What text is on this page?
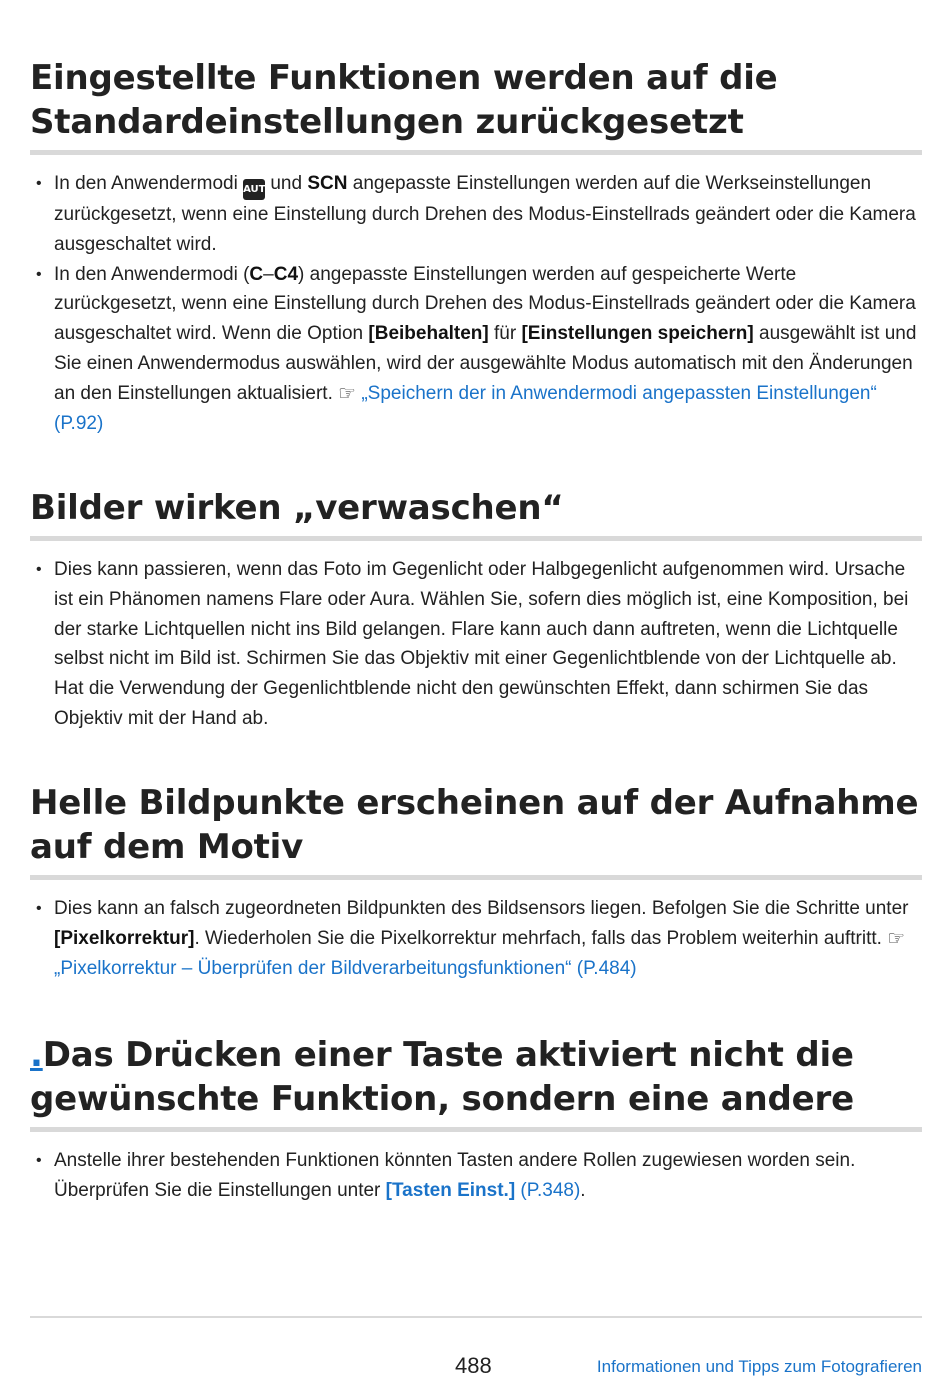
Eingestellte Funktionen werden auf die Standardeinstellungen zurückgesetzt
• In den Anwendermodi AUTO und SCN angepasste Einstellungen werden auf die Werkseinstellungen zurückgesetzt, wenn eine Einstellung durch Drehen des Modus-Einstellrads geändert oder die Kamera ausgeschaltet wird.
• In den Anwendermodi (C–C4) angepasste Einstellungen werden auf gespeicherte Werte zurückgesetzt, wenn eine Einstellung durch Drehen des Modus-Einstellrads geändert oder die Kamera ausgeschaltet wird. Wenn die Option [Beibehalten] für [Einstellungen speichern] ausgewählt ist und Sie einen Anwendermodus auswählen, wird der ausgewählte Modus automatisch mit den Änderungen an den Einstellungen aktualisiert. ☞ „Speichern der in Anwendermodi angepassten Einstellungen“ (P.92)
Bilder wirken „verwaschen“
• Dies kann passieren, wenn das Foto im Gegenlicht oder Halbgegenlicht aufgenommen wird. Ursache ist ein Phänomen namens Flare oder Aura. Wählen Sie, sofern dies möglich ist, eine Komposition, bei der starke Lichtquellen nicht ins Bild gelangen. Flare kann auch dann auftreten, wenn die Lichtquelle selbst nicht im Bild ist. Schirmen Sie das Objektiv mit einer Gegenlichtblende von der Lichtquelle ab. Hat die Verwendung der Gegenlichtblende nicht den gewünschten Effekt, dann schirmen Sie das Objektiv mit der Hand ab.
Helle Bildpunkte erscheinen auf der Aufnahme auf dem Motiv
• Dies kann an falsch zugeordneten Bildpunkten des Bildsensors liegen. Befolgen Sie die Schritte unter [Pixelkorrektur]. Wiederholen Sie die Pixelkorrektur mehrfach, falls das Problem weiterhin auftritt. ☞ „Pixelkorrektur – Überprüfen der Bildverarbeitungsfunktionen“ (P.484)
.Das Drücken einer Taste aktiviert nicht die gewünschte Funktion, sondern eine andere
• Anstelle ihrer bestehenden Funktionen könnten Tasten andere Rollen zugewiesen worden sein. Überprüfen Sie die Einstellungen unter [Tasten Einst.] (P.348).
488	Informationen und Tipps zum Fotografieren
